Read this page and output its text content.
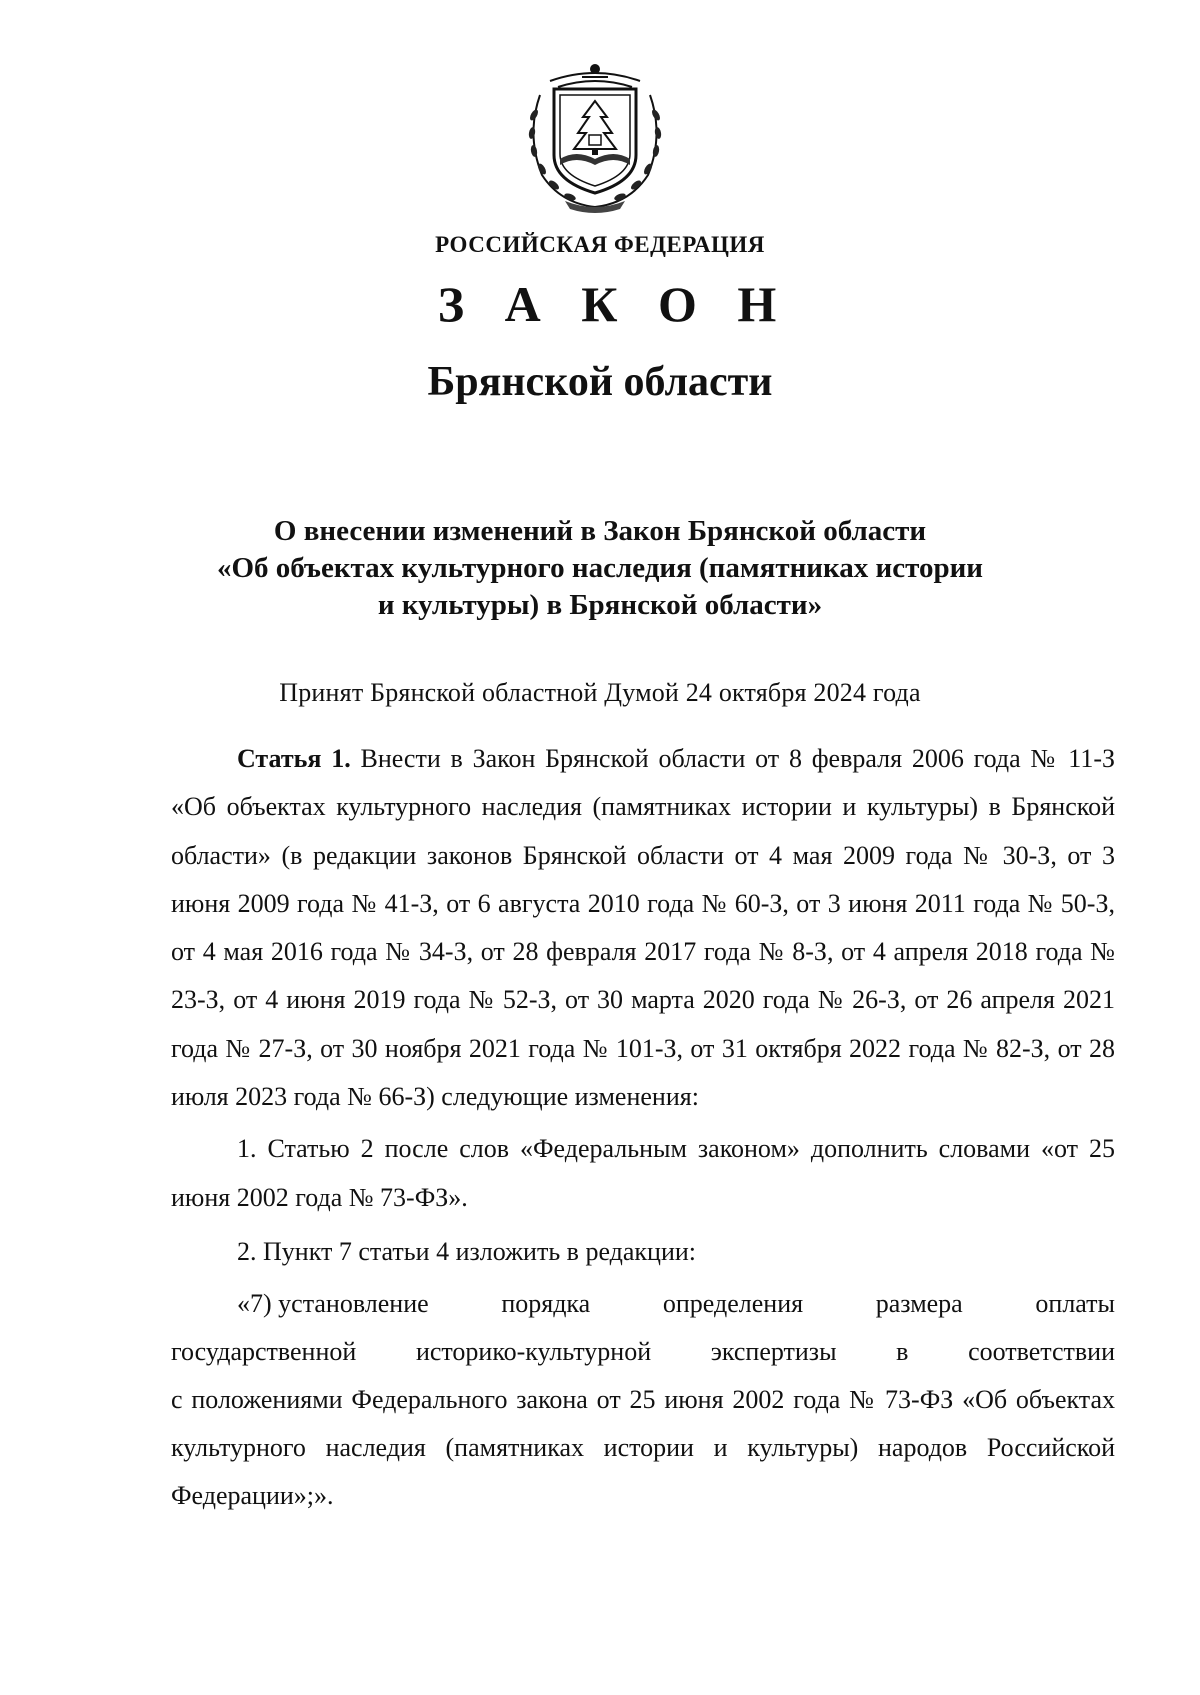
РОССИЙСКАЯ ФЕДЕРАЦИЯ
З А К О Н
Брянской области
О внесении изменений в Закон Брянской области
«Об объектах культурного наследия (памятниках истории
и культуры) в Брянской области»
Принят Брянской областной Думой 24 октября 2024 года

Статья 1. Внести в Закон Брянской области от 8 февраля 2006 года № 11-З «Об объектах культурного наследия (памятниках истории и культуры) в Брянской области» (в редакции законов Брянской области от 4 мая 2009 года № 30-З, от 3 июня 2009 года № 41-З, от 6 августа 2010 года № 60-З, от 3 июня 2011 года № 50-З, от 4 мая 2016 года № 34-З, от 28 февраля 2017 года № 8-З, от 4 апреля 2018 года № 23-З, от 4 июня 2019 года № 52-З, от 30 марта 2020 года № 26-З, от 26 апреля 2021 года № 27-З, от 30 ноября 2021 года № 101-З, от 31 октября 2022 года № 82-З, от 28 июля 2023 года № 66-З) следующие изменения:

1. Статью 2 после слов «Федеральным законом» дополнить словами «от 25 июня 2002 года № 73-ФЗ».

2. Пункт 7 статьи 4 изложить в редакции:

«7) установление	порядка	определения	размера	оплаты
государственной историко-культурной экспертизы в соответствии

с положениями Федерального закона от 25 июня 2002 года № 73-ФЗ «Об объектах культурного наследия (памятниках истории и культуры) народов Российской Федерации»;».
